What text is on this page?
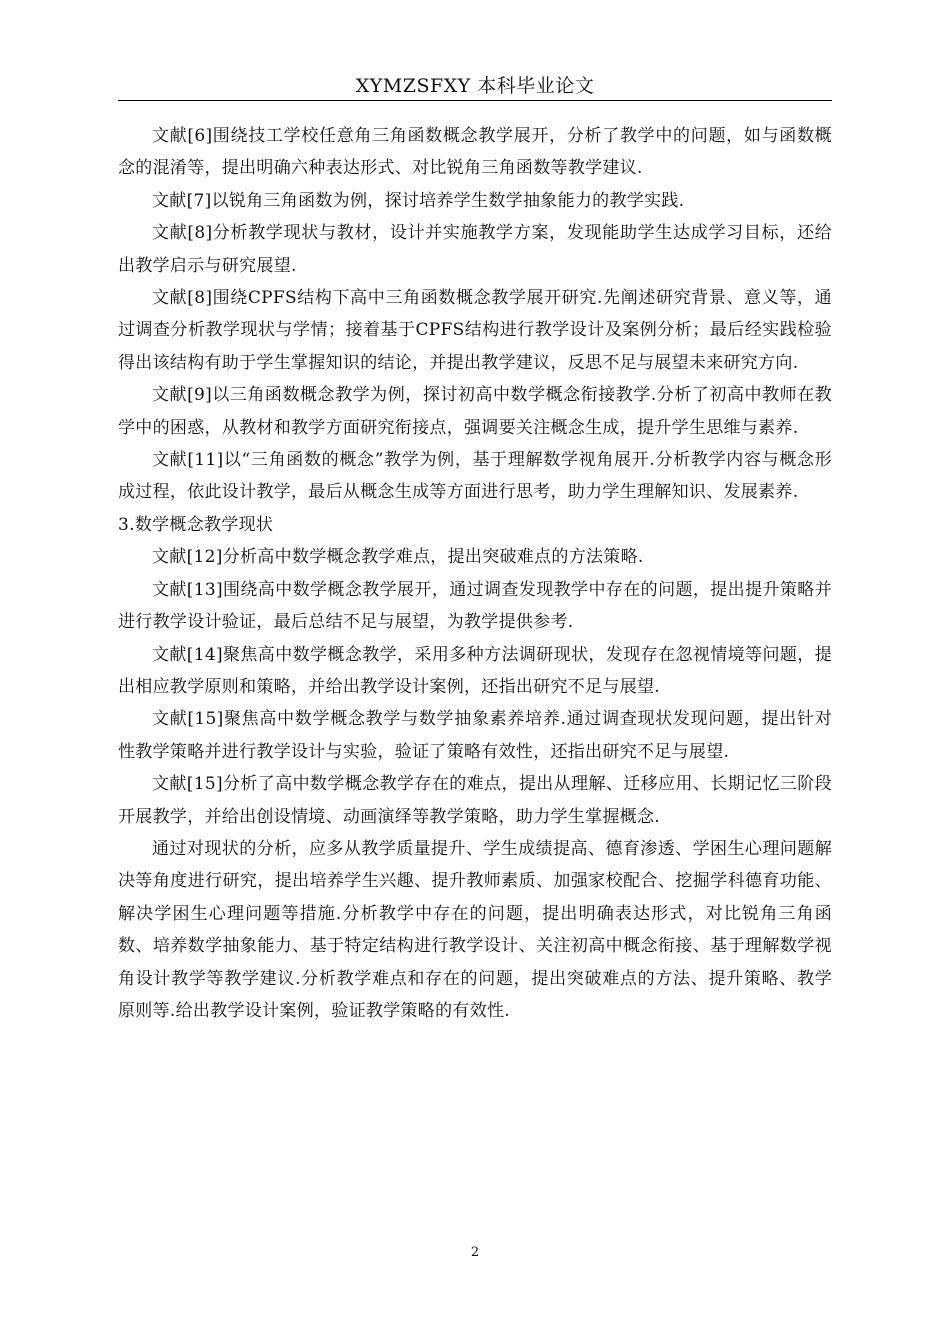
XYMZSFXY 本科毕业论文

文献[6]围绕技工学校任意角三角函数概念教学展开，分析了教学中的问题，如与函数概念的混淆等，提出明确六种表达形式、对比锐角三角函数等教学建议.

文献[7]以锐角三角函数为例，探讨培养学生数学抽象能力的教学实践.

文献[8]分析教学现状与教材，设计并实施教学方案，发现能助学生达成学习目标，还给出教学启示与研究展望.

文献[8]围绕CPFS结构下高中三角函数概念教学展开研究.先阐述研究背景、意义等，通过调查分析教学现状与学情；接着基于CPFS结构进行教学设计及案例分析；最后经实践检验得出该结构有助于学生掌握知识的结论，并提出教学建议，反思不足与展望未来研究方向.

文献[9]以三角函数概念教学为例，探讨初高中数学概念衔接教学.分析了初高中教师在教学中的困惑，从教材和教学方面研究衔接点，强调要关注概念生成，提升学生思维与素养.

文献[11]以“三角函数的概念”教学为例，基于理解数学视角展开.分析教学内容与概念形成过程，依此设计教学，最后从概念生成等方面进行思考，助力学生理解知识、发展素养.

3.数学概念教学现状

文献[12]分析高中数学概念教学难点，提出突破难点的方法策略.

文献[13]围绕高中数学概念教学展开，通过调查发现教学中存在的问题，提出提升策略并进行教学设计验证，最后总结不足与展望，为教学提供参考.

文献[14]聚焦高中数学概念教学，采用多种方法调研现状，发现存在忽视情境等问题，提出相应教学原则和策略，并给出教学设计案例，还指出研究不足与展望.

文献[15]聚焦高中数学概念教学与数学抽象素养培养.通过调查现状发现问题，提出针对性教学策略并进行教学设计与实验，验证了策略有效性，还指出研究不足与展望.

文献[15]分析了高中数学概念教学存在的难点，提出从理解、迁移应用、长期记忆三阶段开展教学，并给出创设情境、动画演绎等教学策略，助力学生掌握概念.

通过对现状的分析，应多从教学质量提升、学生成绩提高、德育渗透、学困生心理问题解决等角度进行研究，提出培养学生兴趣、提升教师素质、加强家校配合、挖掘学科德育功能、解决学困生心理问题等措施.分析教学中存在的问题，提出明确表达形式，对比锐角三角函数、培养数学抽象能力、基于特定结构进行教学设计、关注初高中概念衔接、基于理解数学视角设计教学等教学建议.分析教学难点和存在的问题，提出突破难点的方法、提升策略、教学原则等.给出教学设计案例，验证教学策略的有效性.

2
